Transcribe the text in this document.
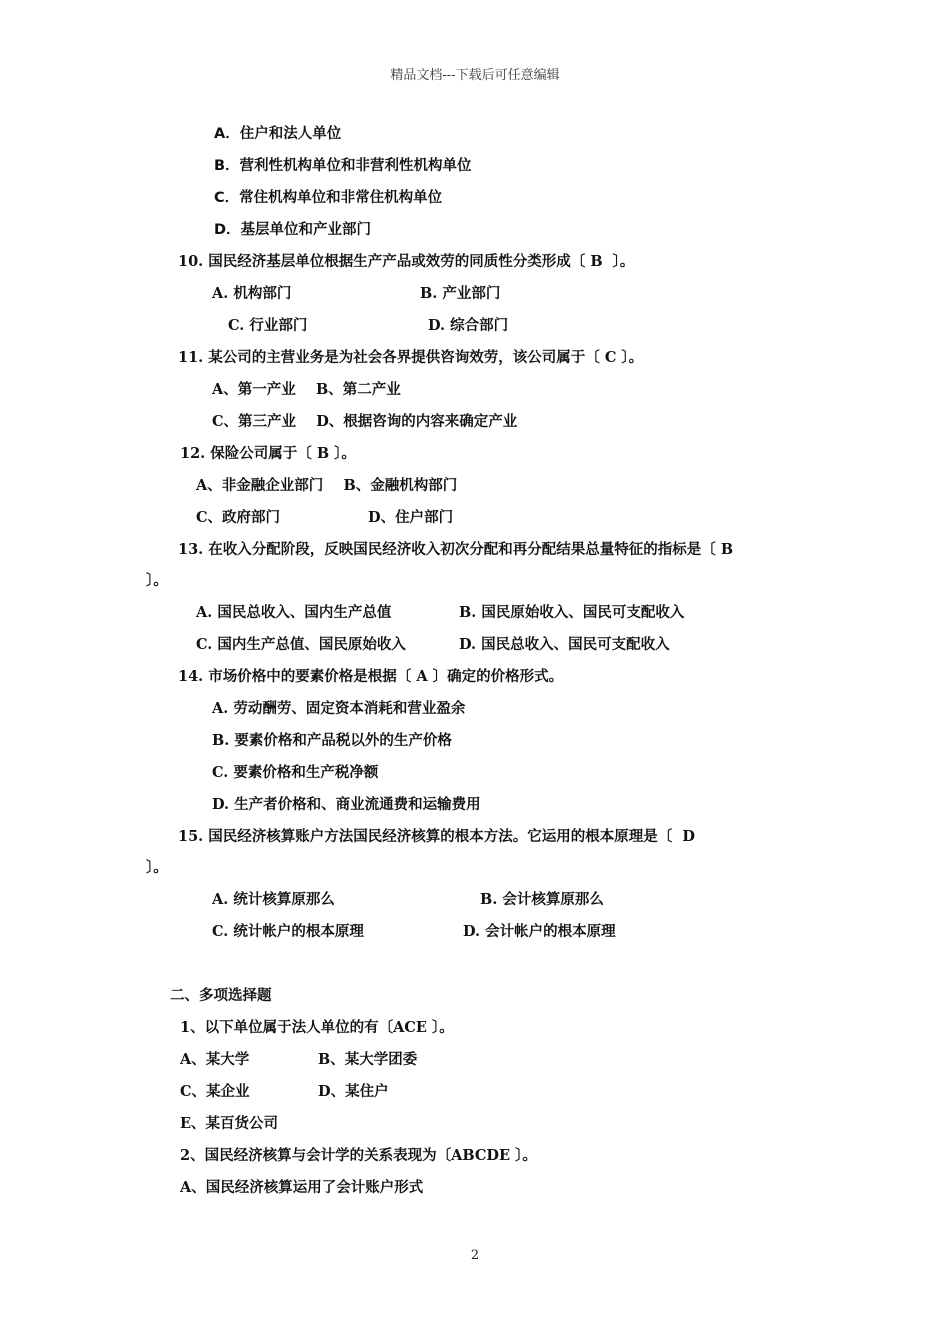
精品文档---下载后可任意编辑
A．住户和法人单位
B．营利性机构单位和非营利性机构单位
C．常住机构单位和非常住机构单位
D．基层单位和产业部门
10. 国民经济基层单位根据生产产品或效劳的同质性分类形成〔 B  〕。
A. 机构部门	B. 产业部门
C. 行业部门	D. 综合部门
11. 某公司的主营业务是为社会各界提供咨询效劳，该公司属于〔 C 〕。
A、第一产业    B、第二产业
C、第三产业    D、根据咨询的内容来确定产业
12. 保险公司属于〔 B 〕。
A、非金融企业部门    B、金融机构部门
C、政府部门	D、住户部门
13. 在收入分配阶段，反映国民经济收入初次分配和再分配结果总量特征的指标是〔 B
〕。
A. 国民总收入、国内生产总值	B. 国民原始收入、国民可支配收入
C. 国内生产总值、国民原始收入	D. 国民总收入、国民可支配收入
14. 市场价格中的要素价格是根据〔 A 〕确定的价格形式。
A. 劳动酬劳、固定资本消耗和营业盈余
B. 要素价格和产品税以外的生产价格
C. 要素价格和生产税净额
D. 生产者价格和、商业流通费和运输费用
15. 国民经济核算账户方法国民经济核算的根本方法。它运用的根本原理是〔  D
〕。
A. 统计核算原那么	B. 会计核算原那么
C. 统计帐户的根本原理	D. 会计帐户的根本原理
二、多项选择题
1、以下单位属于法人单位的有〔ACE 〕。
A、某大学	B、某大学团委
C、某企业	D、某住户
E、某百货公司
2、国民经济核算与会计学的关系表现为〔ABCDE 〕。
A、国民经济核算运用了会计账户形式
2
